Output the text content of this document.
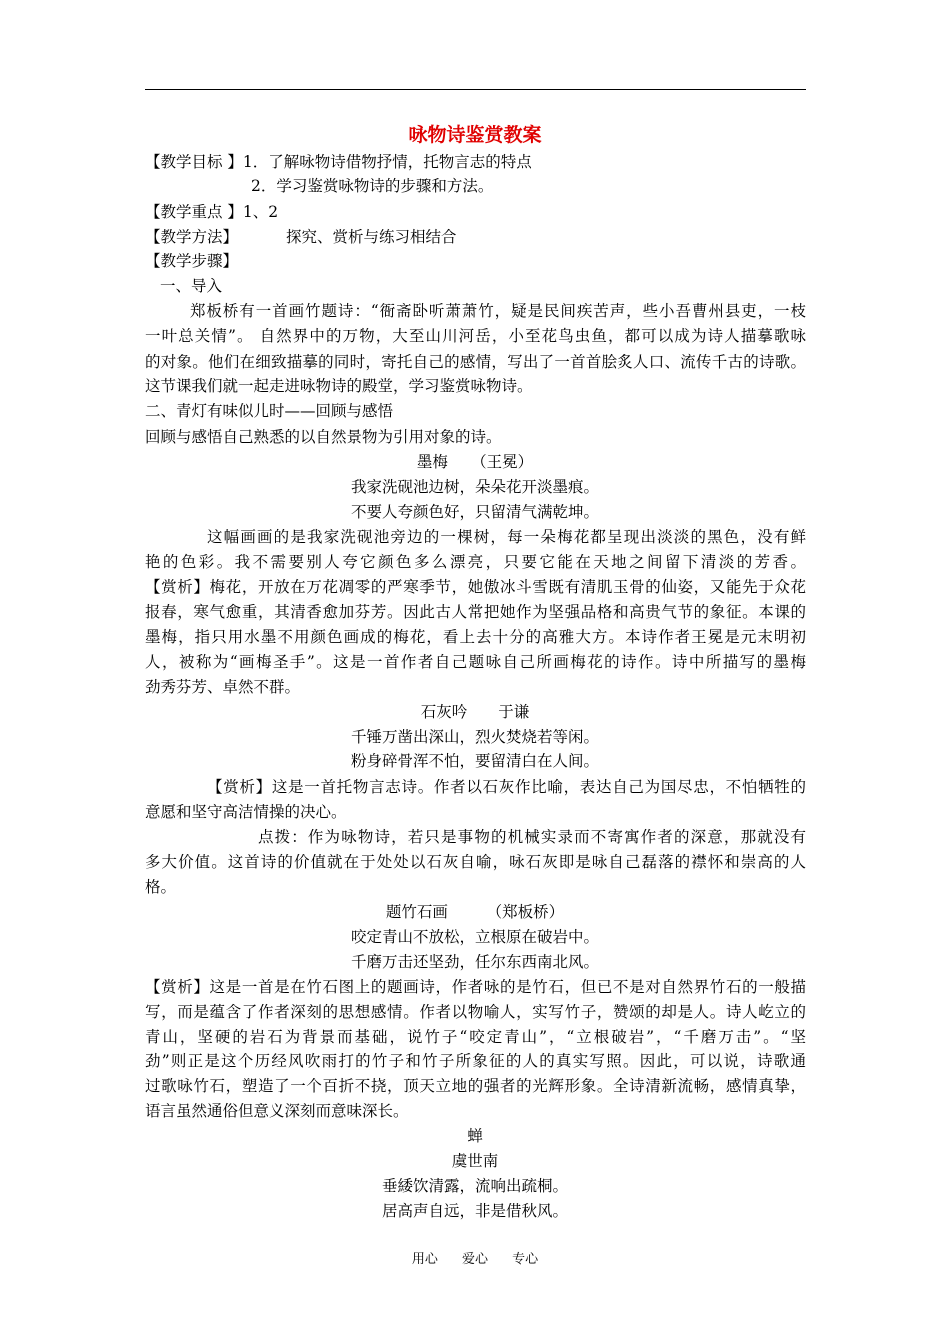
咏物诗鉴赏教案
【教学目标 】1．了解咏物诗借物抒情，托物言志的特点
2．学习鉴赏咏物诗的步骤和方法。
【教学重点 】1、2
【教学方法】	探究、赏析与练习相结合
【教学步骤】
一、导入
郑板桥有一首画竹题诗：“衙斋卧听萧萧竹，疑是民间疾苦声，些小吾曹州县吏，一枝
一叶总关情”。 自然界中的万物，大至山川河岳，小至花鸟虫鱼，都可以成为诗人描摹歌咏
的对象。他们在细致描摹的同时，寄托自己的感情，写出了一首首脍炙人口、流传千古的诗歌。
这节课我们就一起走进咏物诗的殿堂，学习鉴赏咏物诗。
二、青灯有味似儿时——回顾与感悟
回顾与感悟自己熟悉的以自然景物为引用对象的诗。
墨梅　　（王冕）
我家洗砚池边树，朵朵花开淡墨痕。
不要人夸颜色好，只留清气满乾坤。
这幅画画的是我家洗砚池旁边的一棵树，每一朵梅花都呈现出淡淡的黑色，没有鲜
艳的色彩。我不需要别人夸它颜色多么漂亮，只要它能在天地之间留下清淡的芳香。
【赏析】梅花，开放在万花凋零的严寒季节，她傲冰斗雪既有清肌玉骨的仙姿，又能先于众花
报春，寒气愈重，其清香愈加芬芳。因此古人常把她作为坚强品格和高贵气节的象征。本课的
墨梅，指只用水墨不用颜色画成的梅花，看上去十分的高雅大方。本诗作者王冕是元末明初
人，被称为“画梅圣手”。这是一首作者自己题咏自己所画梅花的诗作。诗中所描写的墨梅
劲秀芬芳、卓然不群。
石灰吟　　于谦
千锤万凿出深山，烈火焚烧若等闲。
粉身碎骨浑不怕，要留清白在人间。
【赏析】这是一首托物言志诗。作者以石灰作比喻，表达自己为国尽忠，不怕牺牲的
意愿和坚守高洁情操的决心。
点拨：作为咏物诗，若只是事物的机械实录而不寄寓作者的深意，那就没有
多大价值。这首诗的价值就在于处处以石灰自喻，咏石灰即是咏自己磊落的襟怀和崇高的人
格。
题竹石画　　　（郑板桥）
咬定青山不放松，立根原在破岩中。
千磨万击还坚劲，任尔东西南北风。
【赏析】这是一首是在竹石图上的题画诗，作者咏的是竹石，但已不是对自然界竹石的一般描
写，而是蕴含了作者深刻的思想感情。作者以物喻人，实写竹子，赞颂的却是人。诗人屹立的
青山，坚硬的岩石为背景而基础，说竹子“咬定青山”，“立根破岩”，“千磨万击”。“坚
劲”则正是这个历经风吹雨打的竹子和竹子所象征的人的真实写照。因此，可以说，诗歌通
过歌咏竹石，塑造了一个百折不挠，顶天立地的强者的光辉形象。全诗清新流畅，感情真挚，
语言虽然通俗但意义深刻而意味深长。
蝉
虞世南
垂緌饮清露，流响出疏桐。
居高声自远，非是借秋风。
用心 爱心 专心
